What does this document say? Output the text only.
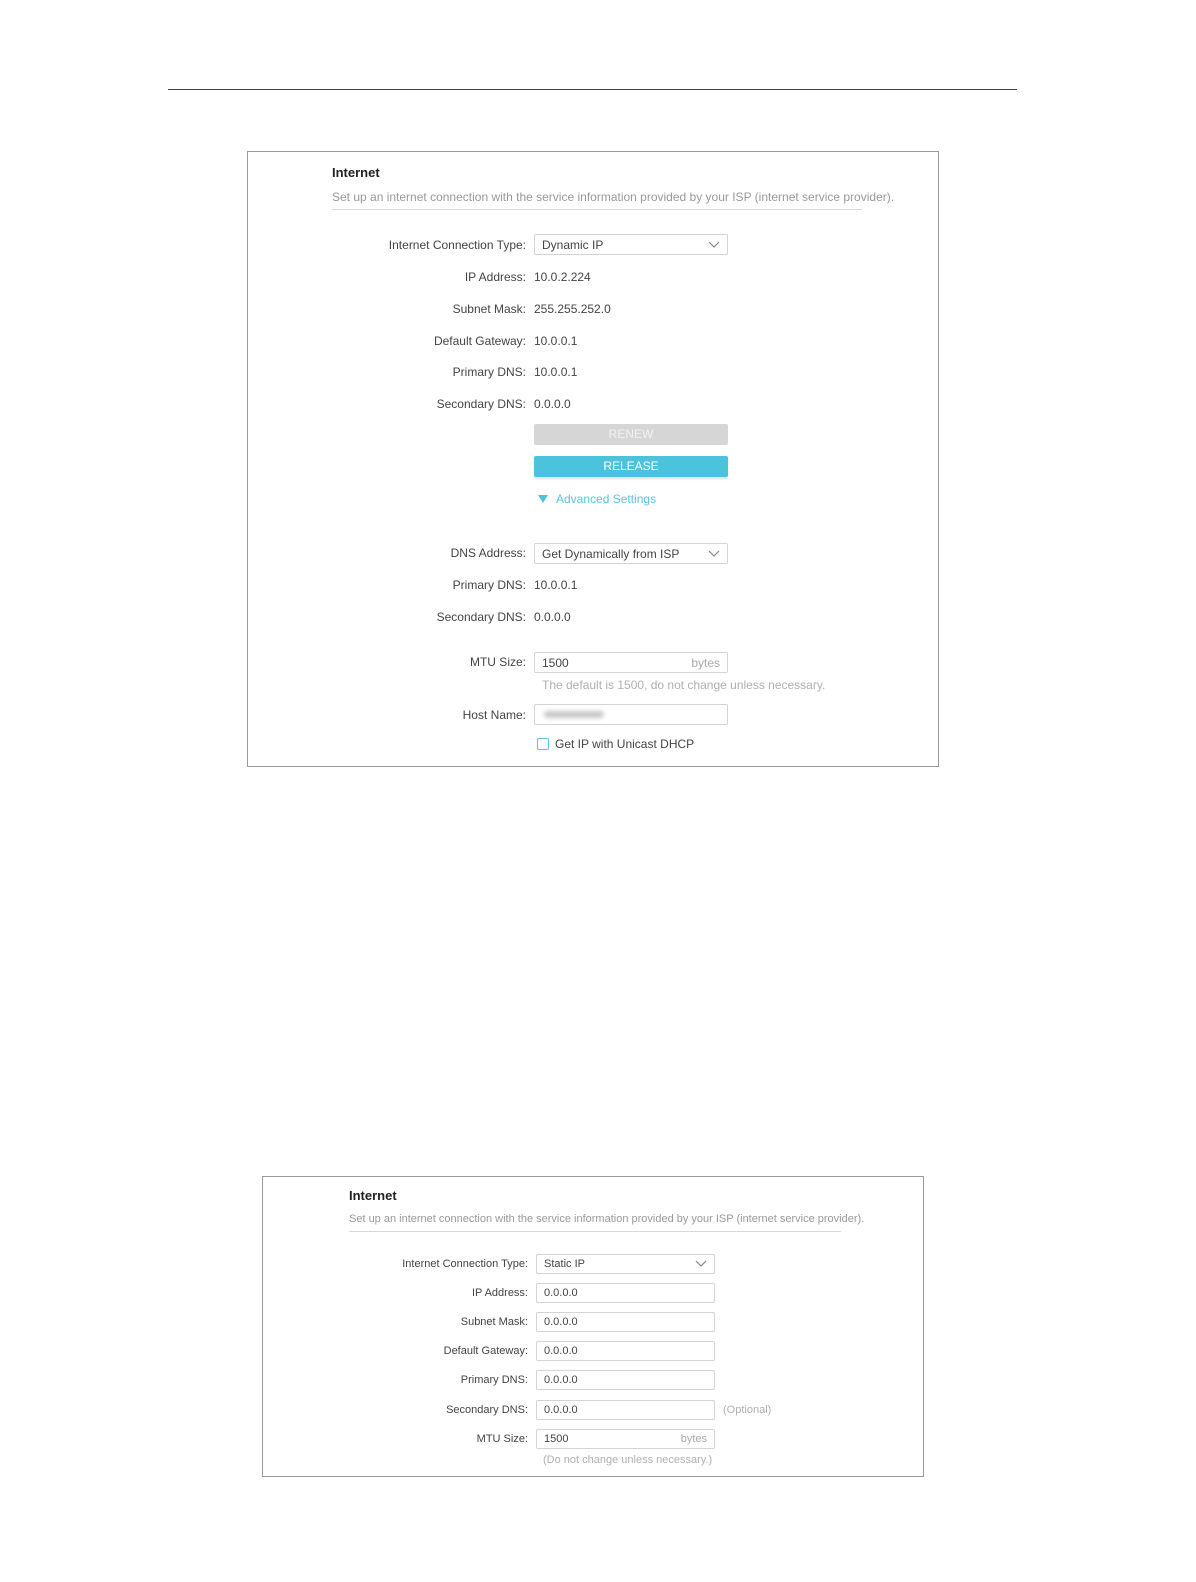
Internet
Set up an internet connection with the service information provided by your ISP (internet service provider).
Internet Connection Type: Dynamic IP
IP Address: 10.0.2.224
Subnet Mask: 255.255.252.0
Default Gateway: 10.0.0.1
Primary DNS: 10.0.0.1
Secondary DNS: 0.0.0.0
RENEW
RELEASE
Advanced Settings
DNS Address: Get Dynamically from ISP
Primary DNS: 10.0.0.1
Secondary DNS: 0.0.0.0
MTU Size: 1500	bytes
The default is 1500, do not change unless necessary.
Host Name:
Get IP with Unicast DHCP
Internet
Set up an internet connection with the service information provided by your ISP (internet service provider).
Internet Connection Type: Static IP
IP Address: 0.0.0.0
Subnet Mask: 0.0.0.0
Default Gateway: 0.0.0.0
Primary DNS: 0.0.0.0
Secondary DNS: 0.0.0.0	(Optional)
MTU Size: 1500	bytes
(Do not change unless necessary.)
